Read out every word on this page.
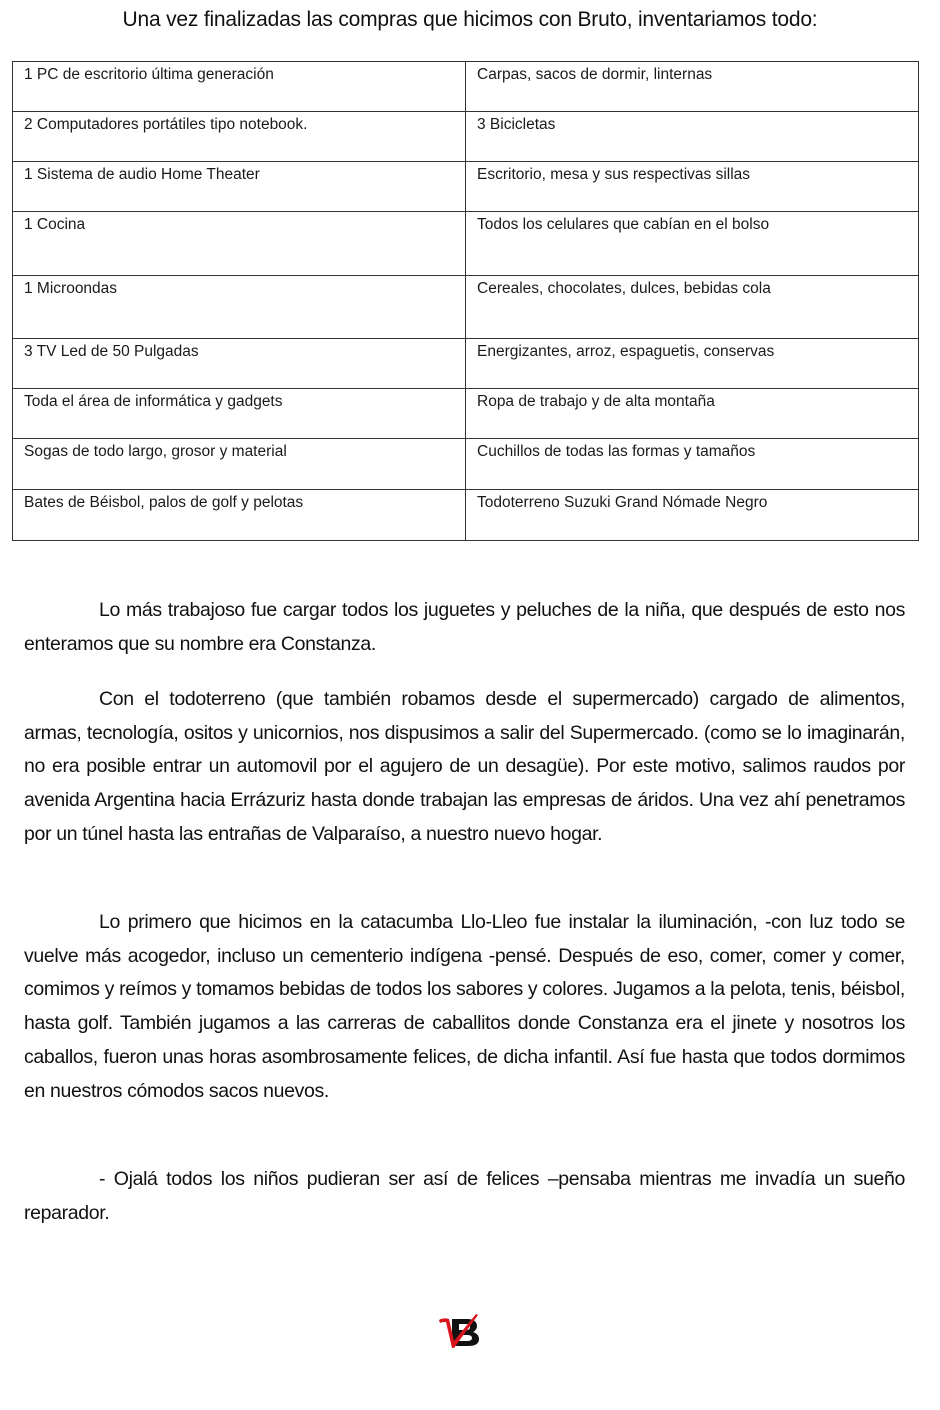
Una vez finalizadas las compras que hicimos con Bruto, inventariamos todo:
1 PC de escritorio última generación	Carpas, sacos de dormir, linternas
2 Computadores portátiles tipo notebook.	3 Bicicletas
1 Sistema de audio Home Theater	Escritorio, mesa y sus respectivas sillas
1 Cocina	Todos los celulares que cabían en el bolso
1 Microondas	Cereales, chocolates, dulces, bebidas cola
3 TV Led de 50 Pulgadas	Energizantes, arroz, espaguetis, conservas
Toda el área de informática y gadgets	Ropa de trabajo y de alta montaña
Sogas de todo largo, grosor y material	Cuchillos de todas las formas y tamaños
Bates de Béisbol, palos de golf y pelotas	Todoterreno Suzuki Grand Nómade Negro

Lo más trabajoso fue cargar todos los juguetes y peluches de la niña, que después de esto nos enteramos que su nombre era Constanza.

Con el todoterreno (que también robamos desde el supermercado) cargado de alimentos, armas, tecnología, ositos y unicornios, nos dispusimos a salir del Supermercado. (como se lo imaginarán, no era posible entrar un automovil por el agujero de un desagüe). Por este motivo, salimos raudos por avenida Argentina hacia Errázuriz hasta donde trabajan las empresas de áridos. Una vez ahí penetramos por un túnel hasta las entrañas de Valparaíso, a nuestro nuevo hogar.

Lo primero que hicimos en la catacumba Llo-Lleo fue instalar la iluminación, -con luz todo se vuelve más acogedor, incluso un cementerio indígena -pensé. Después de eso, comer, comer y comer, comimos y reímos y tomamos bebidas de todos los sabores y colores. Jugamos a la pelota, tenis, béisbol, hasta golf. También jugamos a las carreras de caballitos donde Constanza era el jinete y nosotros los caballos, fueron unas horas asombrosamente felices, de dicha infantil. Así fue hasta que todos dormimos en nuestros cómodos sacos nuevos.

- Ojalá todos los niños pudieran ser así de felices –pensaba mientras me invadía un sueño reparador.
